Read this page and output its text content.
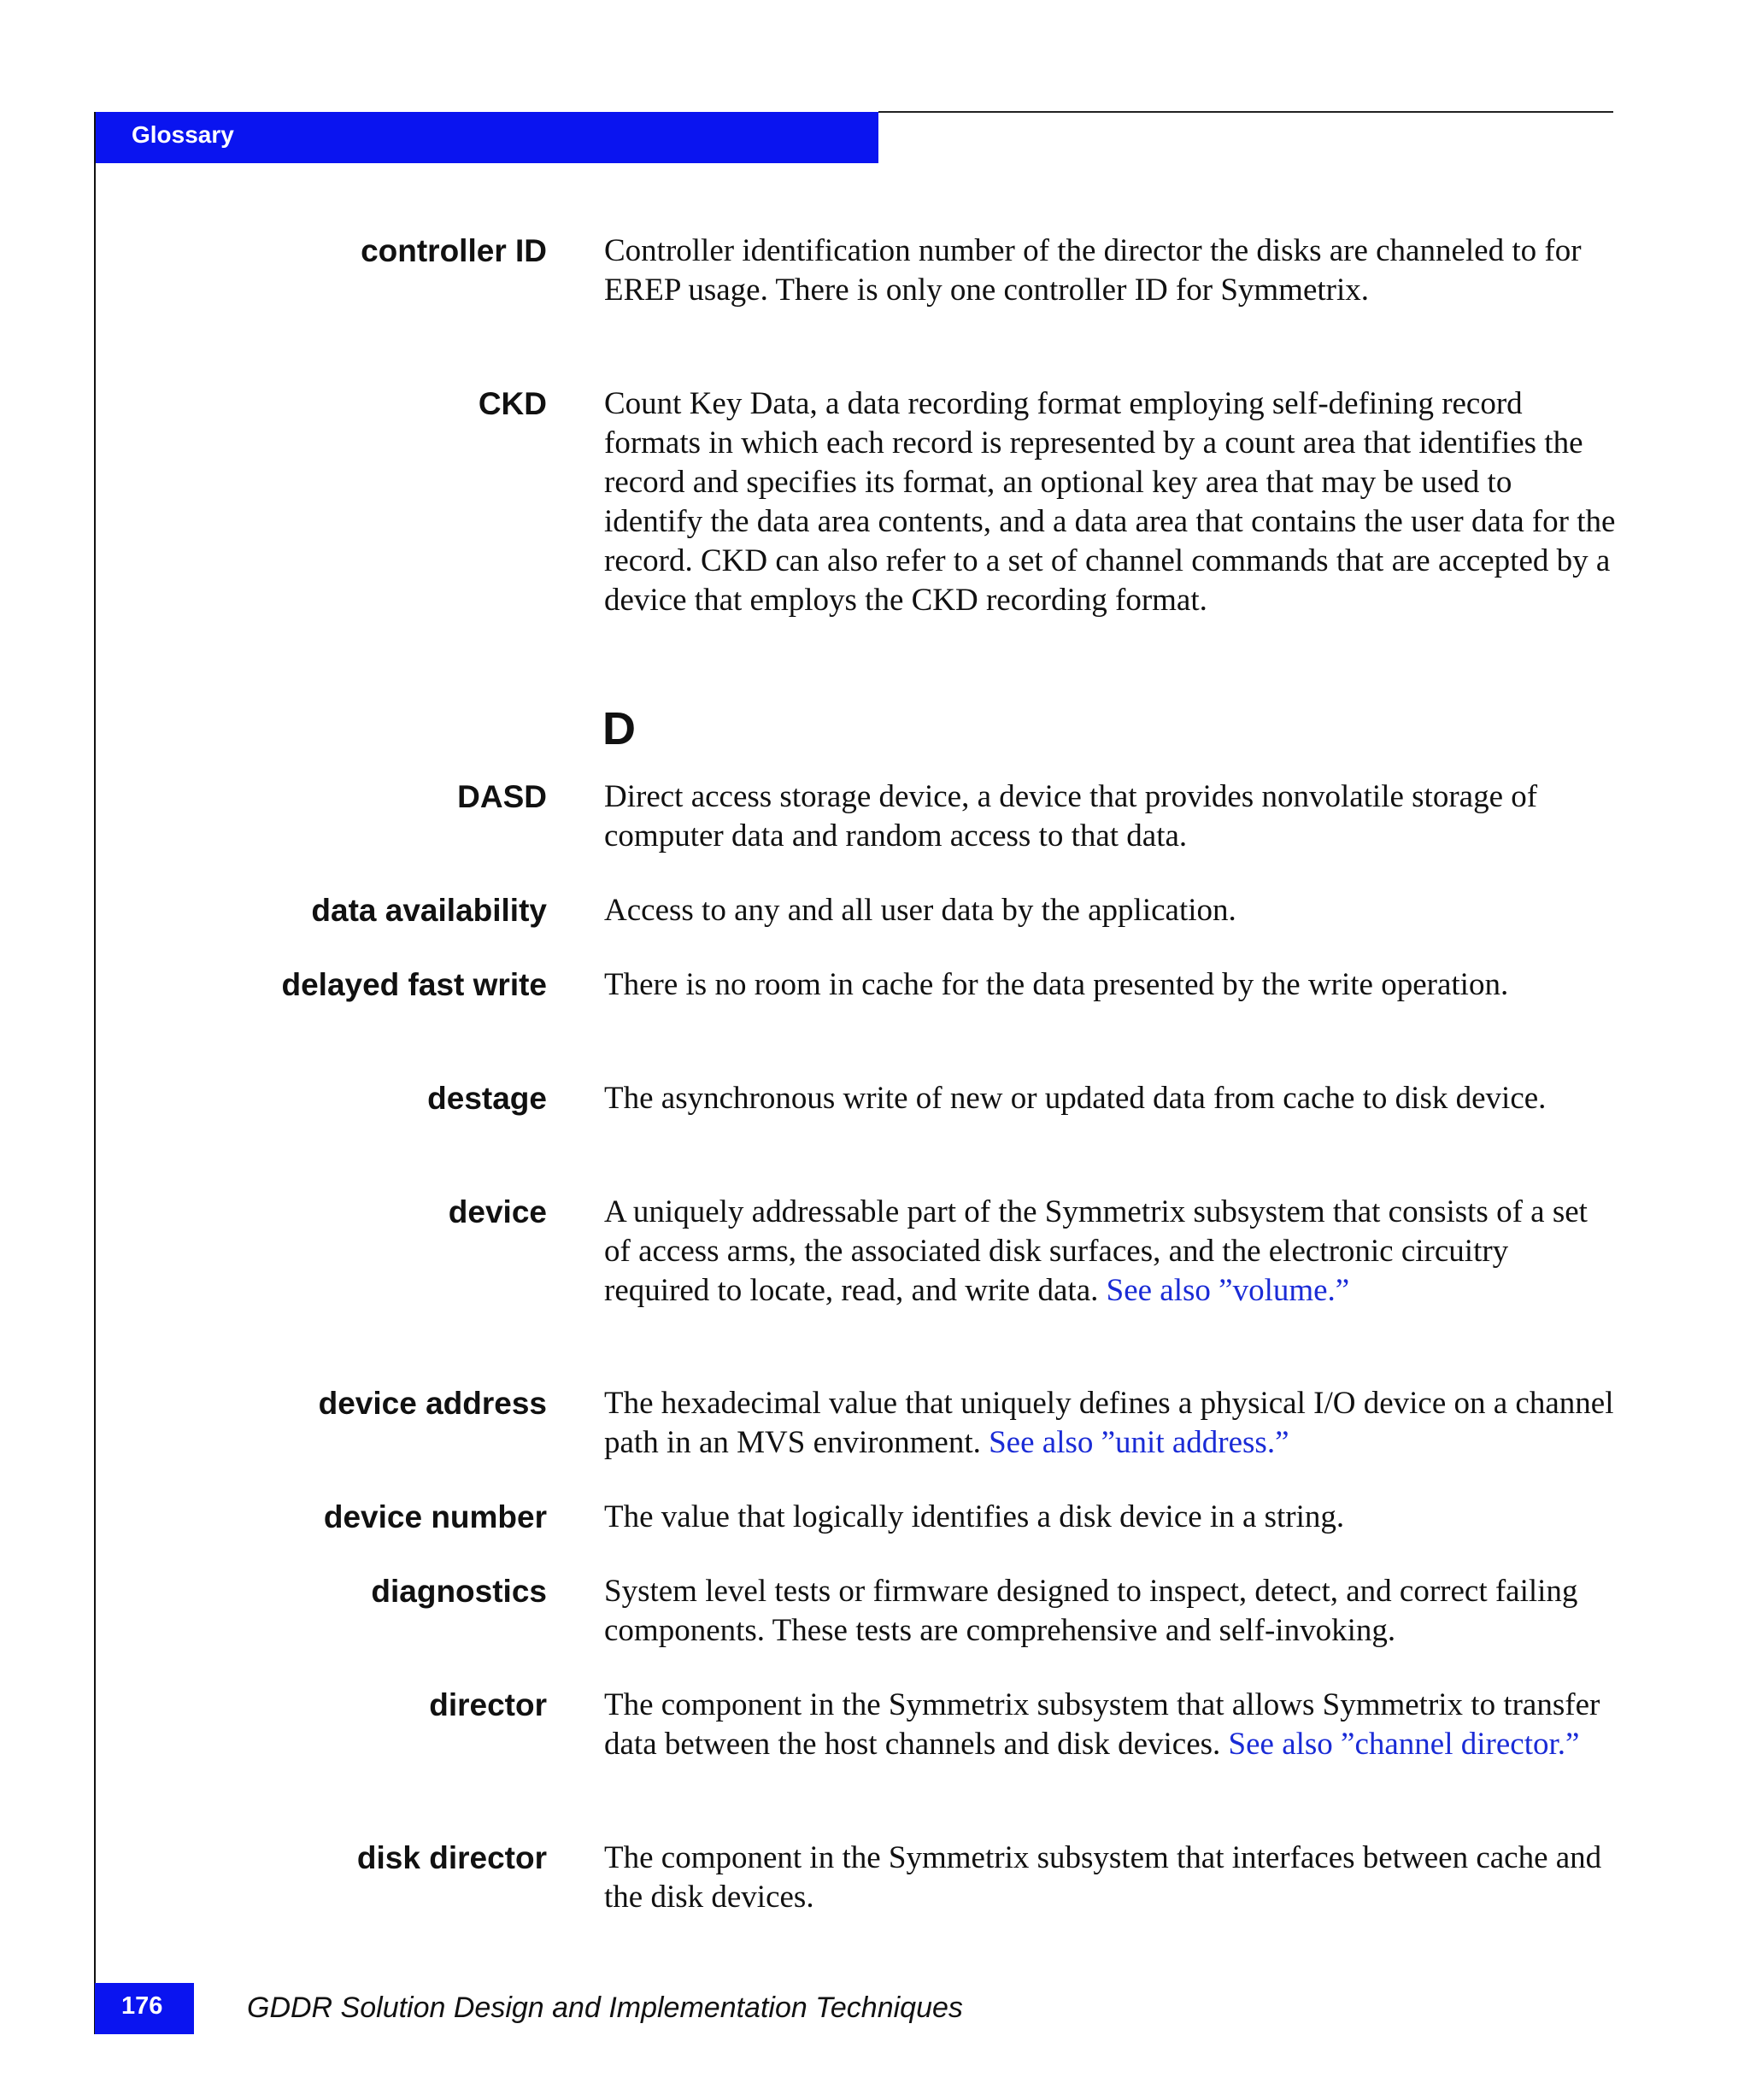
Glossary
controller ID Controller identification number of the director the disks are channeled to for EREP usage. There is only one controller ID for Symmetrix.
CKD Count Key Data, a data recording format employing self-defining record formats in which each record is represented by a count area that identifies the record and specifies its format, an optional key area that may be used to identify the data area contents, and a data area that contains the user data for the record. CKD can also refer to a set of channel commands that are accepted by a device that employs the CKD recording format.
D
DASD Direct access storage device, a device that provides nonvolatile storage of computer data and random access to that data.
data availability Access to any and all user data by the application.
delayed fast write There is no room in cache for the data presented by the write operation.
destage The asynchronous write of new or updated data from cache to disk device.
device A uniquely addressable part of the Symmetrix subsystem that consists of a set of access arms, the associated disk surfaces, and the electronic circuitry required to locate, read, and write data. See also ”volume.”
device address The hexadecimal value that uniquely defines a physical I/O device on a channel path in an MVS environment. See also ”unit address.”
device number The value that logically identifies a disk device in a string.
diagnostics System level tests or firmware designed to inspect, detect, and correct failing components. These tests are comprehensive and self-invoking.
director The component in the Symmetrix subsystem that allows Symmetrix to transfer data between the host channels and disk devices. See also ”channel director.”
disk director The component in the Symmetrix subsystem that interfaces between cache and the disk devices.
176	GDDR Solution Design and Implementation Techniques
